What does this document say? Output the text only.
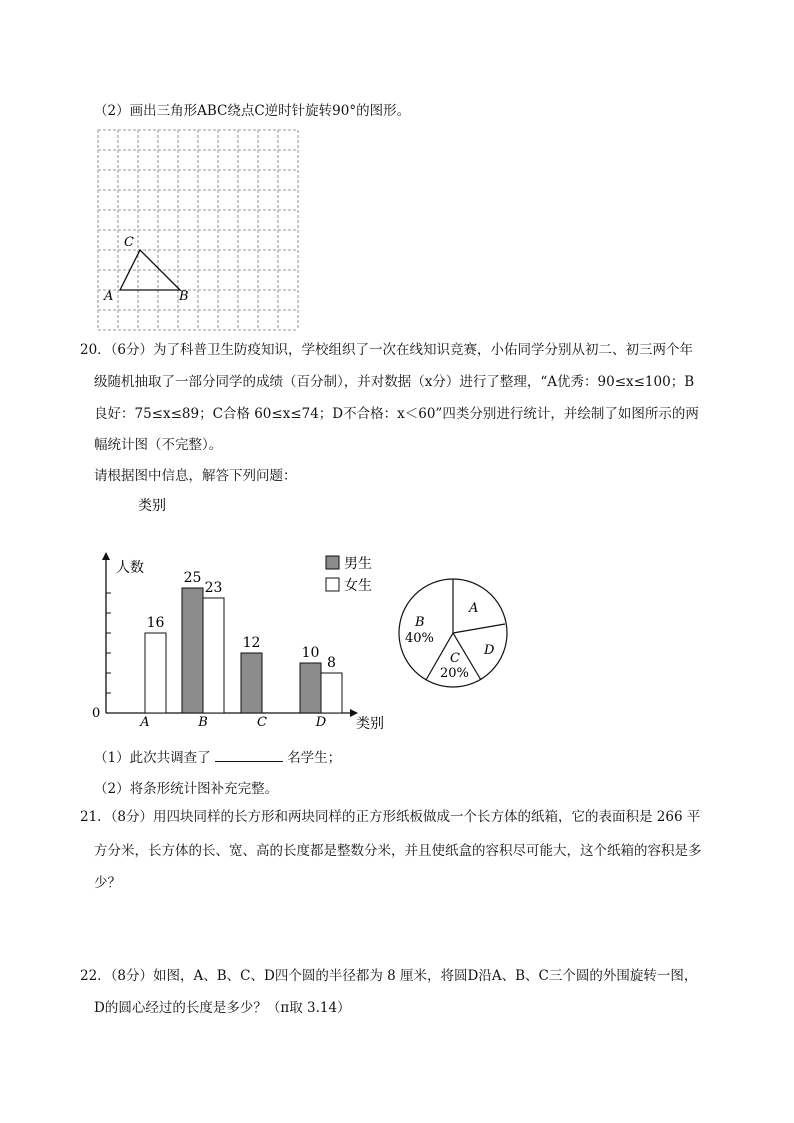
（2）画出三角形ABC绕点C逆时针旋转90°的图形。
C
A	B
20．（6分）为了科普卫生防疫知识，学校组织了一次在线知识竞赛，小佑同学分别从初二、初三两个年
级随机抽取了一部分同学的成绩（百分制），并对数据（x分）进行了整理，“A优秀：90≤x≤100；B
良好：75≤x≤89；C合格 60≤x≤74；D不合格：x＜60”四类分别进行统计，并绘制了如图所示的两
幅统计图（不完整）。
请根据图中信息，解答下列问题：
类别
人数
类别
0
16
25
23
12
10
8
A	B	C	D
男生
女生
A
D
C
20%
B
40%
（1）此次共调查了	名学生；
（2）将条形统计图补充完整。
21．（8分）用四块同样的长方形和两块同样的正方形纸板做成一个长方体的纸箱，它的表面积是 266 平
方分米，长方体的长、宽、高的长度都是整数分米，并且使纸盒的容积尽可能大，这个纸箱的容积是多
少？
22．（8分）如图，A、B、C、D四个圆的半径都为 8 厘米，将圆D沿A、B、C三个圆的外围旋转一图，
D的圆心经过的长度是多少？（π取 3.14）
